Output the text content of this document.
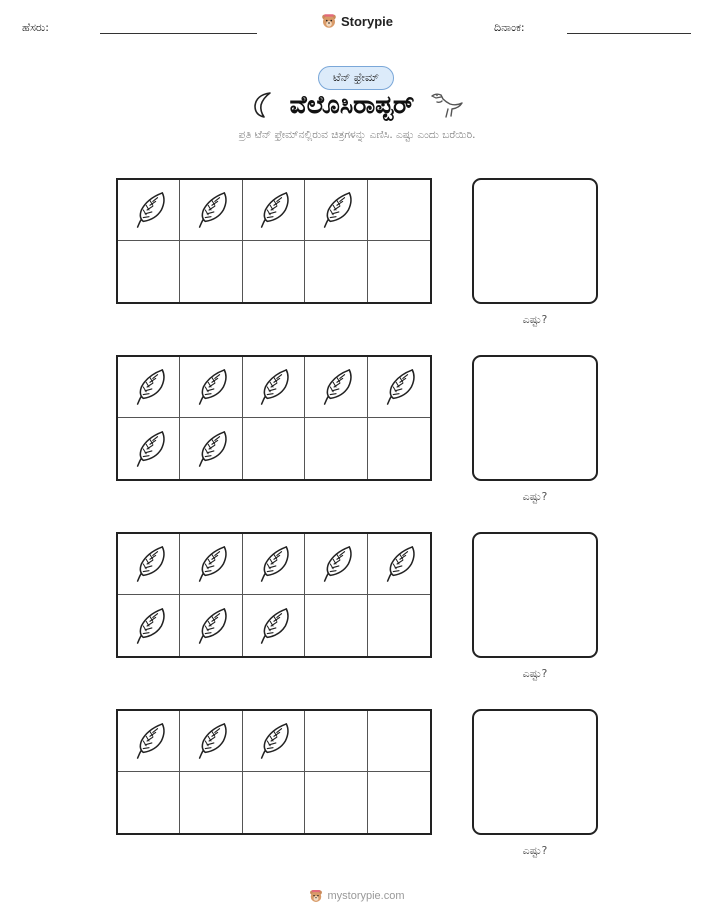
ಹೆಸರು:	Storypie	ದಿನಾಂಕ:
ಟೆನ್ ಫ್ರೇಮ್
ವೆಲೊಸಿರಾಪ್ಟರ್
ಪ್ರತಿ ಟೆನ್ ಫ್ರೇಮ್‌ನಲ್ಲಿರುವ ಚಿತ್ರಗಳನ್ನು ಎಣಿಸಿ. ಎಷ್ಟು ಎಂದು ಬರೆಯಿರಿ.
ಎಷ್ಟು?
ಎಷ್ಟು?
ಎಷ್ಟು?
ಎಷ್ಟು?
mystorypie.com
